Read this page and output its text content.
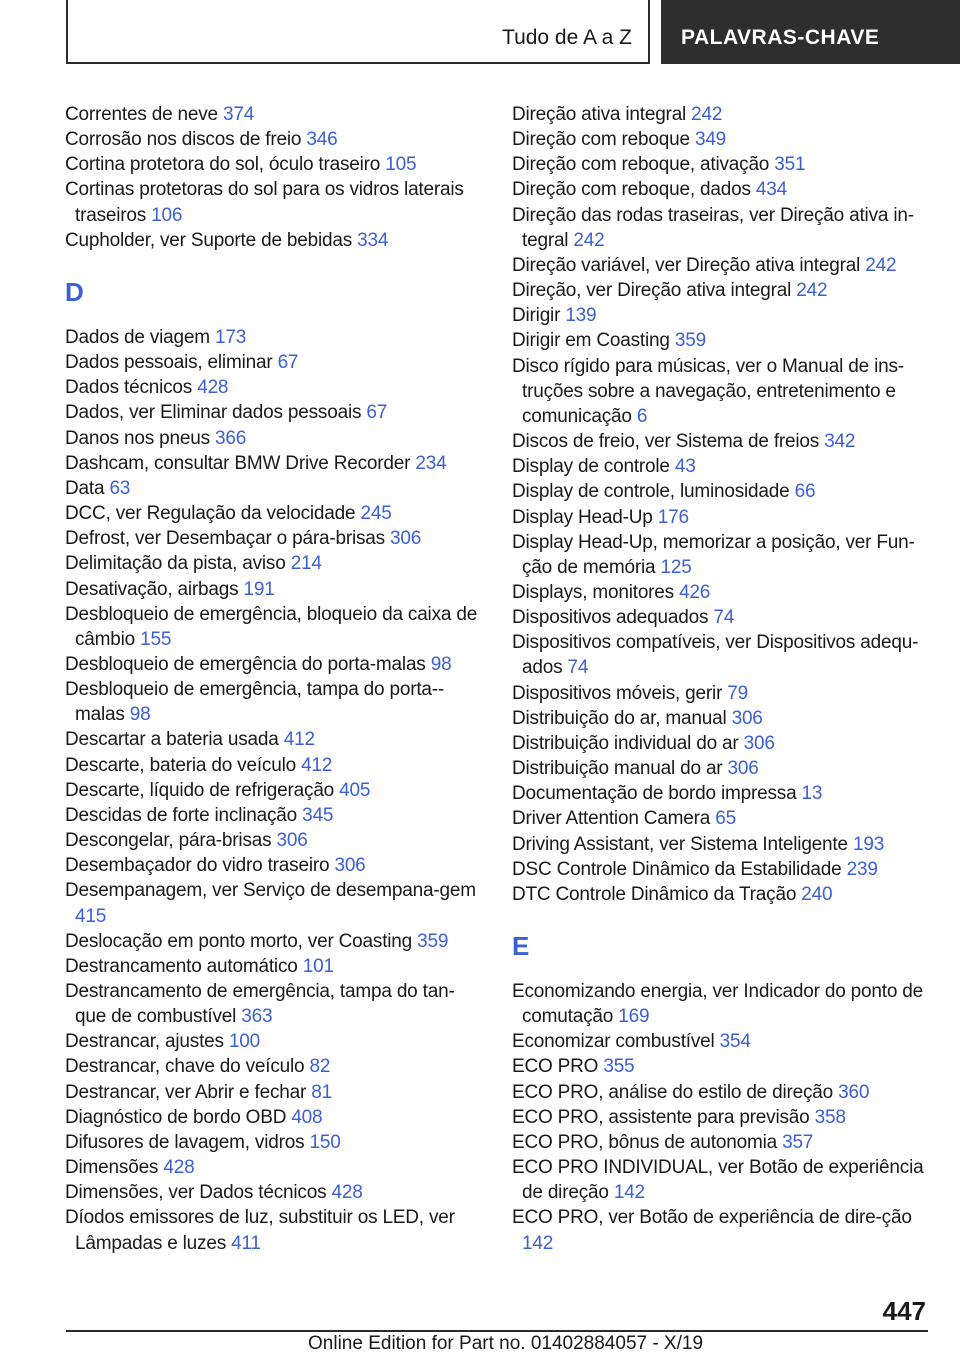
Tudo de A a Z PALAVRAS-CHAVE
Correntes de neve 374
Corrosão nos discos de freio 346
Cortina protetora do sol, óculo traseiro 105
Cortinas protetoras do sol para os vidros laterais traseiros 106
Cupholder, ver Suporte de bebidas 334
D
Dados de viagem 173
Dados pessoais, eliminar 67
Dados técnicos 428
Dados, ver Eliminar dados pessoais 67
Danos nos pneus 366
Dashcam, consultar BMW Drive Recorder 234
Data 63
DCC, ver Regulação da velocidade 245
Defrost, ver Desembaçar o pára-brisas 306
Delimitação da pista, aviso 214
Desativação, airbags 191
Desbloqueio de emergência, bloqueio da caixa de câmbio 155
Desbloqueio de emergência do porta-malas 98
Desbloqueio de emergência, tampa do porta--malas 98
Descartar a bateria usada 412
Descarte, bateria do veículo 412
Descarte, líquido de refrigeração 405
Descidas de forte inclinação 345
Descongelar, pára-brisas 306
Desembaçador do vidro traseiro 306
Desempanagem, ver Serviço de desempana-gem 415
Deslocação em ponto morto, ver Coasting 359
Destrancamento automático 101
Destrancamento de emergência, tampa do tan-que de combustível 363
Destrancar, ajustes 100
Destrancar, chave do veículo 82
Destrancar, ver Abrir e fechar 81
Diagnóstico de bordo OBD 408
Difusores de lavagem, vidros 150
Dimensões 428
Dimensões, ver Dados técnicos 428
Díodos emissores de luz, substituir os LED, ver Lâmpadas e luzes 411
Direção ativa integral 242
Direção com reboque 349
Direção com reboque, ativação 351
Direção com reboque, dados 434
Direção das rodas traseiras, ver Direção ativa in-tegral 242
Direção variável, ver Direção ativa integral 242
Direção, ver Direção ativa integral 242
Dirigir 139
Dirigir em Coasting 359
Disco rígido para músicas, ver o Manual de ins-truções sobre a navegação, entretenimento e comunicação 6
Discos de freio, ver Sistema de freios 342
Display de controle 43
Display de controle, luminosidade 66
Display Head-Up 176
Display Head-Up, memorizar a posição, ver Fun-ção de memória 125
Displays, monitores 426
Dispositivos adequados 74
Dispositivos compatíveis, ver Dispositivos adequ-ados 74
Dispositivos móveis, gerir 79
Distribuição do ar, manual 306
Distribuição individual do ar 306
Distribuição manual do ar 306
Documentação de bordo impressa 13
Driver Attention Camera 65
Driving Assistant, ver Sistema Inteligente 193
DSC Controle Dinâmico da Estabilidade 239
DTC Controle Dinâmico da Tração 240
E
Economizando energia, ver Indicador do ponto de comutação 169
Economizar combustível 354
ECO PRO 355
ECO PRO, análise do estilo de direção 360
ECO PRO, assistente para previsão 358
ECO PRO, bônus de autonomia 357
ECO PRO INDIVIDUAL, ver Botão de experiência de direção 142
ECO PRO, ver Botão de experiência de dire-ção 142
447
Online Edition for Part no. 01402884057 - X/19
